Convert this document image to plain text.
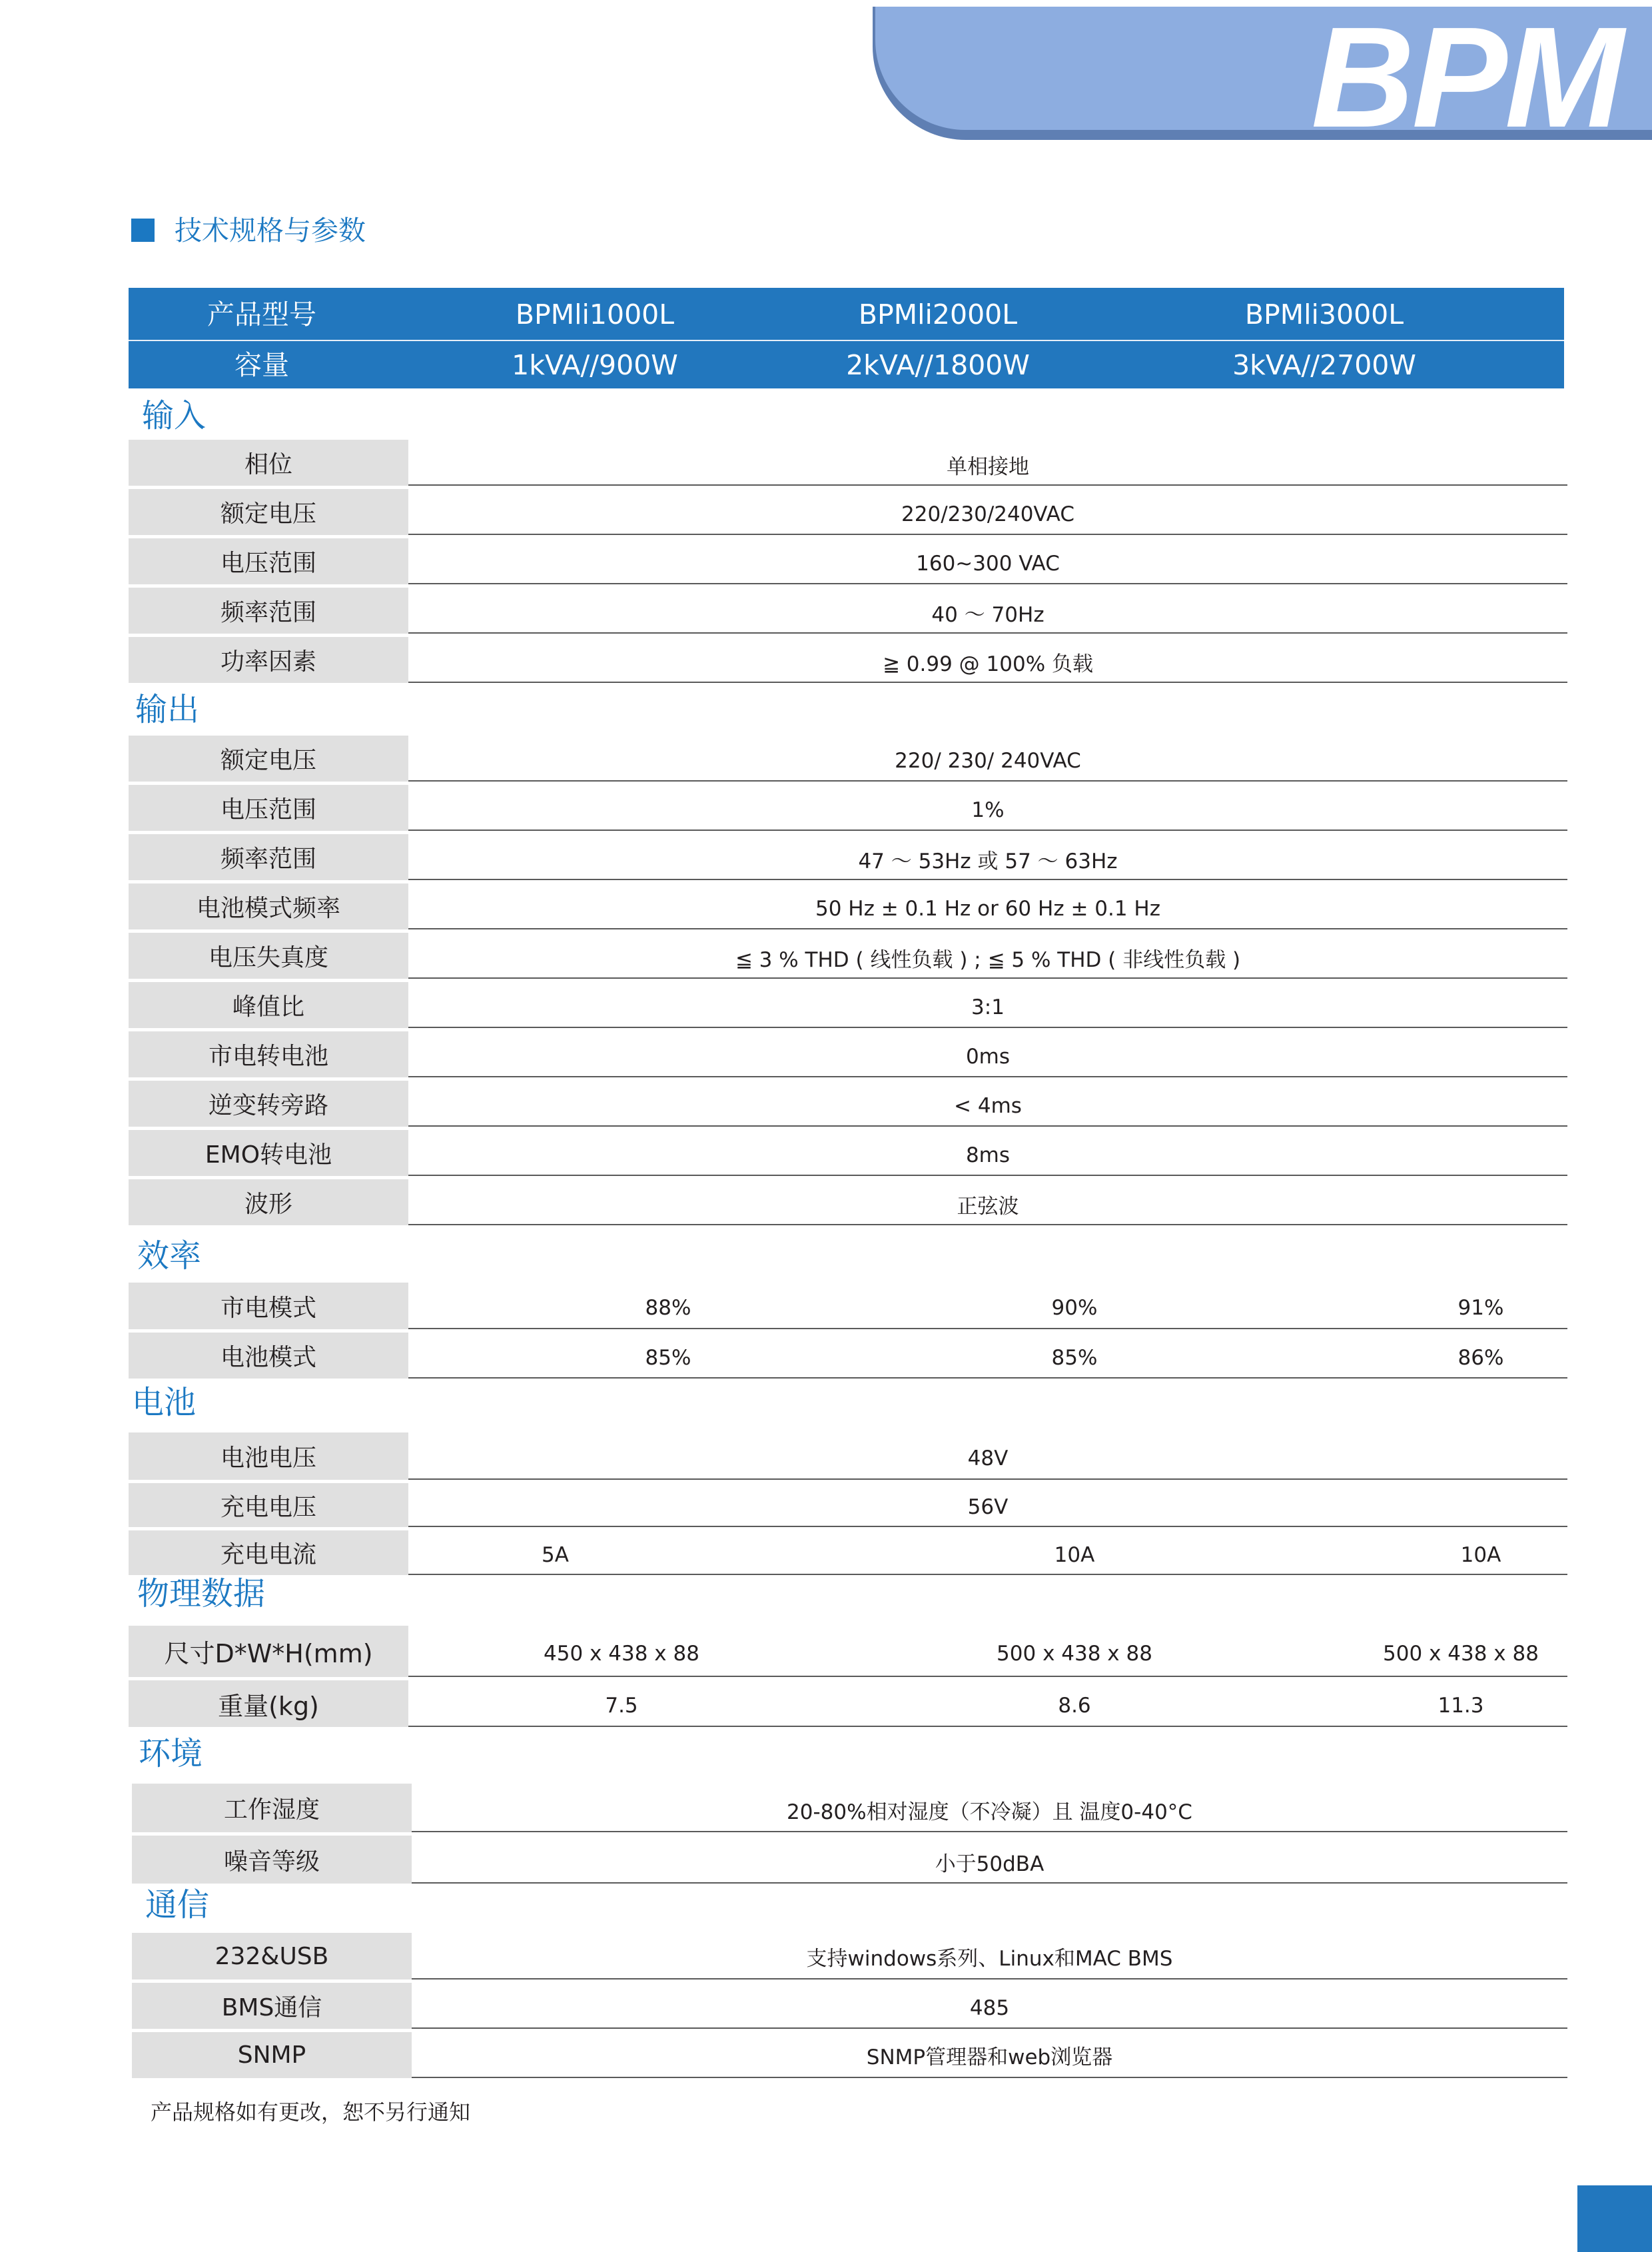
BPM
技术规格与参数
产品型号	BPMli1000L	BPMli2000L	BPMli3000L
容量	1kVA//900W	2kVA//1800W	3kVA//2700W
输入
相位	单相接地
额定电压	220/230/240VAC
电压范围	160~300 VAC
频率范围	40 ～ 70Hz
功率因素	≧ 0.99 @ 100% 负载
输出
额定电压	220/ 230/ 240VAC
电压范围	1%
频率范围	47 ～ 53Hz 或 57 ～ 63Hz
电池模式频率	50 Hz ± 0.1 Hz or 60 Hz ± 0.1 Hz
电压失真度	≦ 3 % THD ( 线性负载 ) ; ≦ 5 % THD ( 非线性负载 )
峰值比	3:1
市电转电池	0ms
逆变转旁路	< 4ms
EMO转电池	8ms
波形	正弦波
效率
市电模式	88%	90%	91%
电池模式	85%	85%	86%
电池
电池电压	48V
充电电压	56V
充电电流	5A	10A	10A
物理数据
尺寸D*W*H(mm)	450 x 438 x 88	500 x 438 x 88	500 x 438 x 88
重量(kg)	7.5	8.6	11.3
环境
工作湿度	20-80%相对湿度（不冷凝）且 温度0-40°C
噪音等级	小于50dBA
通信
232&USB	支持windows系列、Linux和MAC BMS
BMS通信	485
SNMP	SNMP管理器和web浏览器
产品规格如有更改，恕不另行通知
